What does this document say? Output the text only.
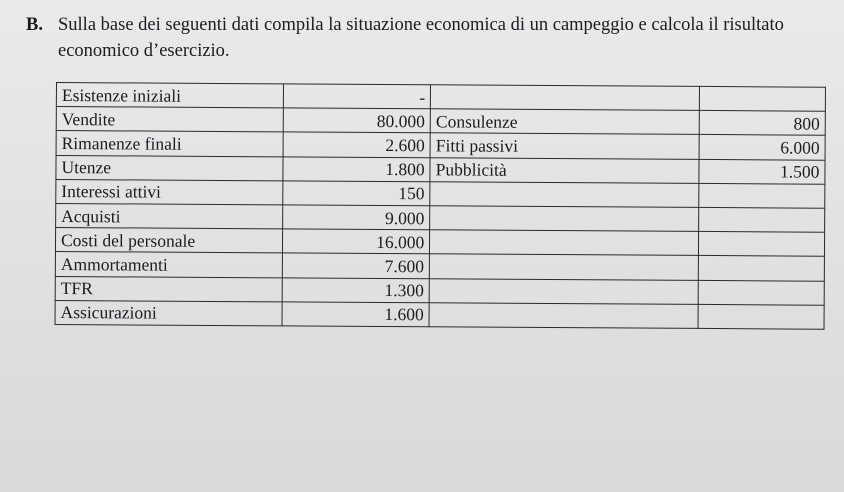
B. Sulla base dei seguenti dati compila la situazione economica di un campeggio e calcola il risultato economico d’esercizio.
Esistenze iniziali	-		
Vendite	80.000	Consulenze	800
Rimanenze finali	2.600	Fitti passivi	6.000
Utenze	1.800	Pubblicità	1.500
Interessi attivi	150		
Acquisti	9.000		
Costi del personale	16.000		
Ammortamenti	7.600		
TFR	1.300		
Assicurazioni	1.600		
